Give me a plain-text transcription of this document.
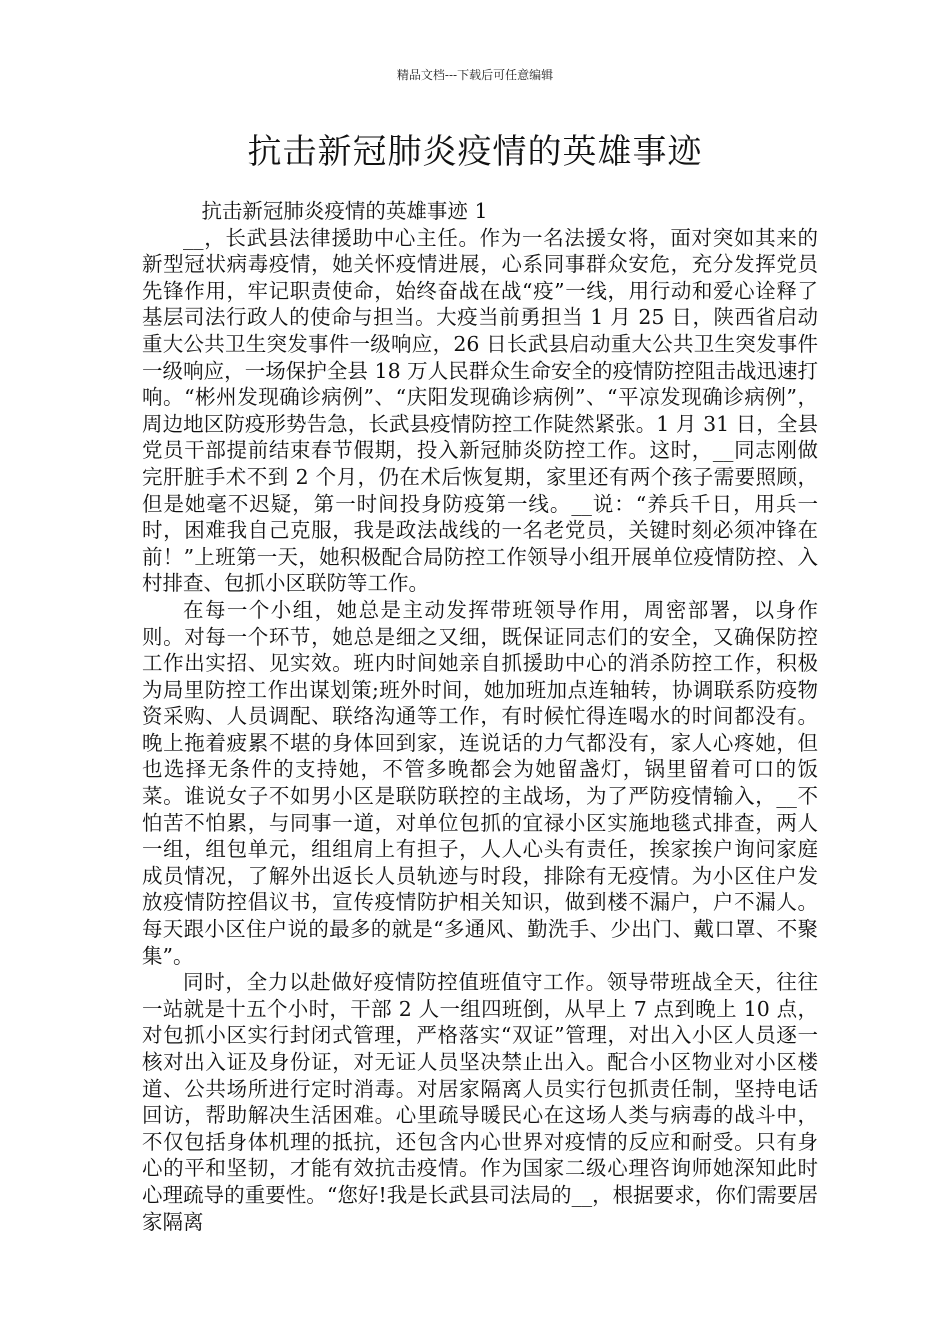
精品文档---下载后可任意编辑
抗击新冠肺炎疫情的英雄事迹

抗击新冠肺炎疫情的英雄事迹 1

__，长武县法律援助中心主任。作为一名法援女将，面对突如其来的新型冠状病毒疫情，她关怀疫情进展，心系同事群众安危，充分发挥党员先锋作用，牢记职责使命，始终奋战在战“疫”一线，用行动和爱心诠释了基层司法行政人的使命与担当。大疫当前勇担当 1 月 25 日，陕西省启动重大公共卫生突发事件一级响应，26 日长武县启动重大公共卫生突发事件一级响应，一场保护全县 18 万人民群众生命安全的疫情防控阻击战迅速打响。“彬州发现确诊病例”、“庆阳发现确诊病例”、“平凉发现确诊病例”，周边地区防疫形势告急，长武县疫情防控工作陡然紧张。1 月 31 日，全县党员干部提前结束春节假期，投入新冠肺炎防控工作。这时，__同志刚做完肝脏手术不到 2 个月，仍在术后恢复期，家里还有两个孩子需要照顾，但是她毫不迟疑，第一时间投身防疫第一线。__说：“养兵千日，用兵一时，困难我自己克服，我是政法战线的一名老党员，关键时刻必须冲锋在前！”上班第一天，她积极配合局防控工作领导小组开展单位疫情防控、入村排查、包抓小区联防等工作。

在每一个小组，她总是主动发挥带班领导作用，周密部署，以身作则。对每一个环节，她总是细之又细，既保证同志们的安全，又确保防控工作出实招、见实效。班内时间她亲自抓援助中心的消杀防控工作，积极为局里防控工作出谋划策;班外时间，她加班加点连轴转，协调联系防疫物资采购、人员调配、联络沟通等工作，有时候忙得连喝水的时间都没有。晚上拖着疲累不堪的身体回到家，连说话的力气都没有，家人心疼她，但也选择无条件的支持她，不管多晚都会为她留盏灯，锅里留着可口的饭菜。谁说女子不如男小区是联防联控的主战场，为了严防疫情输入，__不怕苦不怕累，与同事一道，对单位包抓的宜禄小区实施地毯式排查，两人一组，组包单元，组组肩上有担子，人人心头有责任，挨家挨户询问家庭成员情况，了解外出返长人员轨迹与时段，排除有无疫情。为小区住户发放疫情防控倡议书，宣传疫情防护相关知识，做到楼不漏户，户不漏人。每天跟小区住户说的最多的就是“多通风、勤洗手、少出门、戴口罩、不聚集”。

同时，全力以赴做好疫情防控值班值守工作。领导带班战全天，往往一站就是十五个小时，干部 2 人一组四班倒，从早上 7 点到晚上 10 点，对包抓小区实行封闭式管理，严格落实“双证”管理，对出入小区人员逐一核对出入证及身份证，对无证人员坚决禁止出入。配合小区物业对小区楼道、公共场所进行定时消毒。对居家隔离人员实行包抓责任制，坚持电话回访，帮助解决生活困难。心里疏导暖民心在这场人类与病毒的战斗中，不仅包括身体机理的抵抗，还包含内心世界对疫情的反应和耐受。只有身心的平和坚韧，才能有效抗击疫情。作为国家二级心理咨询师她深知此时心理疏导的重要性。“您好!我是长武县司法局的__，根据要求，你们需要居家隔离
